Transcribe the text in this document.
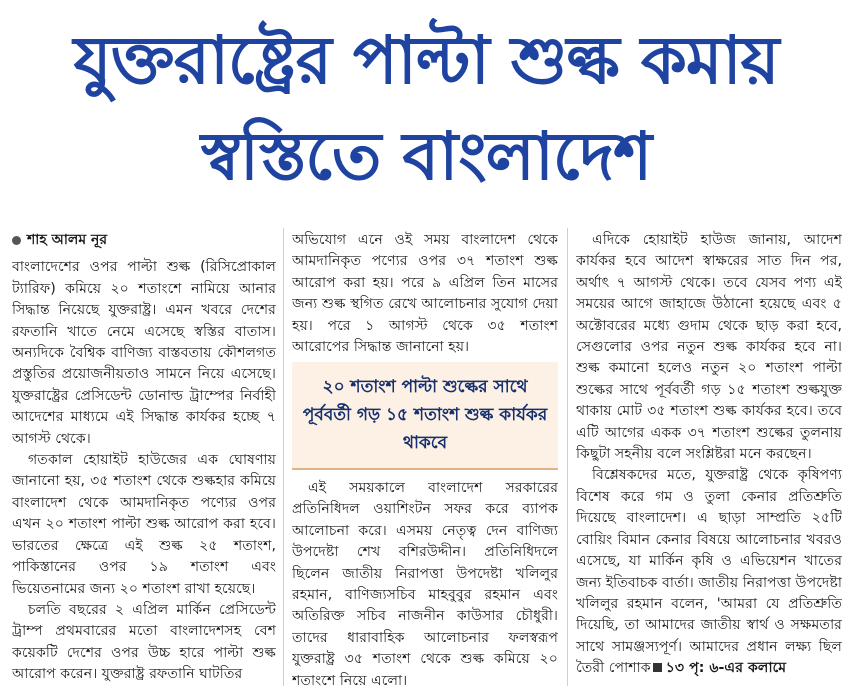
যুক্তরাষ্ট্রের পাল্টা শুল্ক কমায়
স্বস্তিতে বাংলাদেশ
শাহ আলম নূর

বাংলাদেশের ওপর পাল্টা শুল্ক (রিসিপ্রোকাল ট্যারিফ) কমিয়ে ২০ শতাংশে নামিয়ে আনার সিদ্ধান্ত নিয়েছে যুক্তরাষ্ট্র। এমন খবরে দেশের রফতানি খাতে নেমে এসেছে স্বস্তির বাতাস। অন্যদিকে বৈশ্বিক বাণিজ্য বাস্তবতায় কৌশলগত প্রস্তুতির প্রয়োজনীয়তাও সামনে নিয়ে এসেছে। যুক্তরাষ্ট্রের প্রেসিডেন্ট ডোনাল্ড ট্রাম্পের নির্বাহী আদেশের মাধ্যমে এই সিদ্ধান্ত কার্যকর হচ্ছে ৭ আগস্ট থেকে।

গতকাল হোয়াইট হাউজের এক ঘোষণায় জানানো হয়, ৩৫ শতাংশ থেকে শুল্কহার কমিয়ে বাংলাদেশ থেকে আমদানিকৃত পণ্যের ওপর এখন ২০ শতাংশ পাল্টা শুল্ক আরোপ করা হবে। ভারতের ক্ষেত্রে এই শুল্ক ২৫ শতাংশ, পাকিস্তানের ওপর ১৯ শতাংশ এবং ভিয়েতনামের জন্য ২০ শতাংশ রাখা হয়েছে।

চলতি বছরের ২ এপ্রিল মার্কিন প্রেসিডেন্ট ট্রাম্প প্রথমবারের মতো বাংলাদেশসহ বেশ কয়েকটি দেশের ওপর উচ্চ হারে পাল্টা শুল্ক আরোপ করেন। যুক্তরাষ্ট্র রফতানি ঘাটতির

অভিযোগ এনে ওই সময় বাংলাদেশ থেকে আমদানিকৃত পণ্যের ওপর ৩৭ শতাংশ শুল্ক আরোপ করা হয়। পরে ৯ এপ্রিল তিন মাসের জন্য শুল্ক স্থগিত রেখে আলোচনার সুযোগ দেয়া হয়। পরে ১ আগস্ট থেকে ৩৫ শতাংশ আরোপের সিদ্ধান্ত জানানো হয়।

২০ শতাংশ পাল্টা শুল্কের সাথে পূর্ববর্তী গড় ১৫ শতাংশ শুল্ক কার্যকর থাকবে

এই সময়কালে বাংলাদেশ সরকারের প্রতিনিধিদল ওয়াশিংটন সফর করে ব্যাপক আলোচনা করে। এসময় নেতৃত্ব দেন বাণিজ্য উপদেষ্টা শেখ বশিরউদ্দীন। প্রতিনিধিদলে ছিলেন জাতীয় নিরাপত্তা উপদেষ্টা খলিলুর রহমান, বাণিজ্যসচিব মাহবুবুর রহমান এবং অতিরিক্ত সচিব নাজনীন কাউসার চৌধুরী। তাদের ধারাবাহিক আলোচনার ফলস্বরূপ যুক্তরাষ্ট্র ৩৫ শতাংশ থেকে শুল্ক কমিয়ে ২০ শতাংশে নিয়ে এলো।

এদিকে হোয়াইট হাউজ জানায়, আদেশ কার্যকর হবে আদেশ স্বাক্ষরের সাত দিন পর, অর্থাৎ ৭ আগস্ট থেকে। তবে যেসব পণ্য এই সময়ের আগে জাহাজে উঠানো হয়েছে এবং ৫ অক্টোবরের মধ্যে গুদাম থেকে ছাড় করা হবে, সেগুলোর ওপর নতুন শুল্ক কার্যকর হবে না। শুল্ক কমানো হলেও নতুন ২০ শতাংশ পাল্টা শুল্কের সাথে পূর্ববর্তী গড় ১৫ শতাংশ শুল্কযুক্ত থাকায় মোট ৩৫ শতাংশ শুল্ক কার্যকর হবে। তবে এটি আগের একক ৩৭ শতাংশ শুল্কের তুলনায় কিছুটা সহনীয় বলে সংশ্লিষ্টরা মনে করছেন।

বিশ্লেষকদের মতে, যুক্তরাষ্ট্র থেকে কৃষিপণ্য বিশেষ করে গম ও তুলা কেনার প্রতিশ্রুতি দিয়েছে বাংলাদেশ। এ ছাড়া সাম্প্রতি ২৫টি বোয়িং বিমান কেনার বিষয়ে আলোচনার খবরও এসেছে, যা মার্কিন কৃষি ও এভিয়েশন খাতের জন্য ইতিবাচক বার্তা। জাতীয় নিরাপত্তা উপদেষ্টা খলিলুর রহমান বলেন, 'আমরা যে প্রতিশ্রুতি দিয়েছি, তা আমাদের জাতীয় স্বার্থ ও সক্ষমতার সাথে সামঞ্জস্যপূর্ণ। আমাদের প্রধান লক্ষ্য ছিল তৈরী পোশাক ১৩ পৃ: ৬-এর কলামে
